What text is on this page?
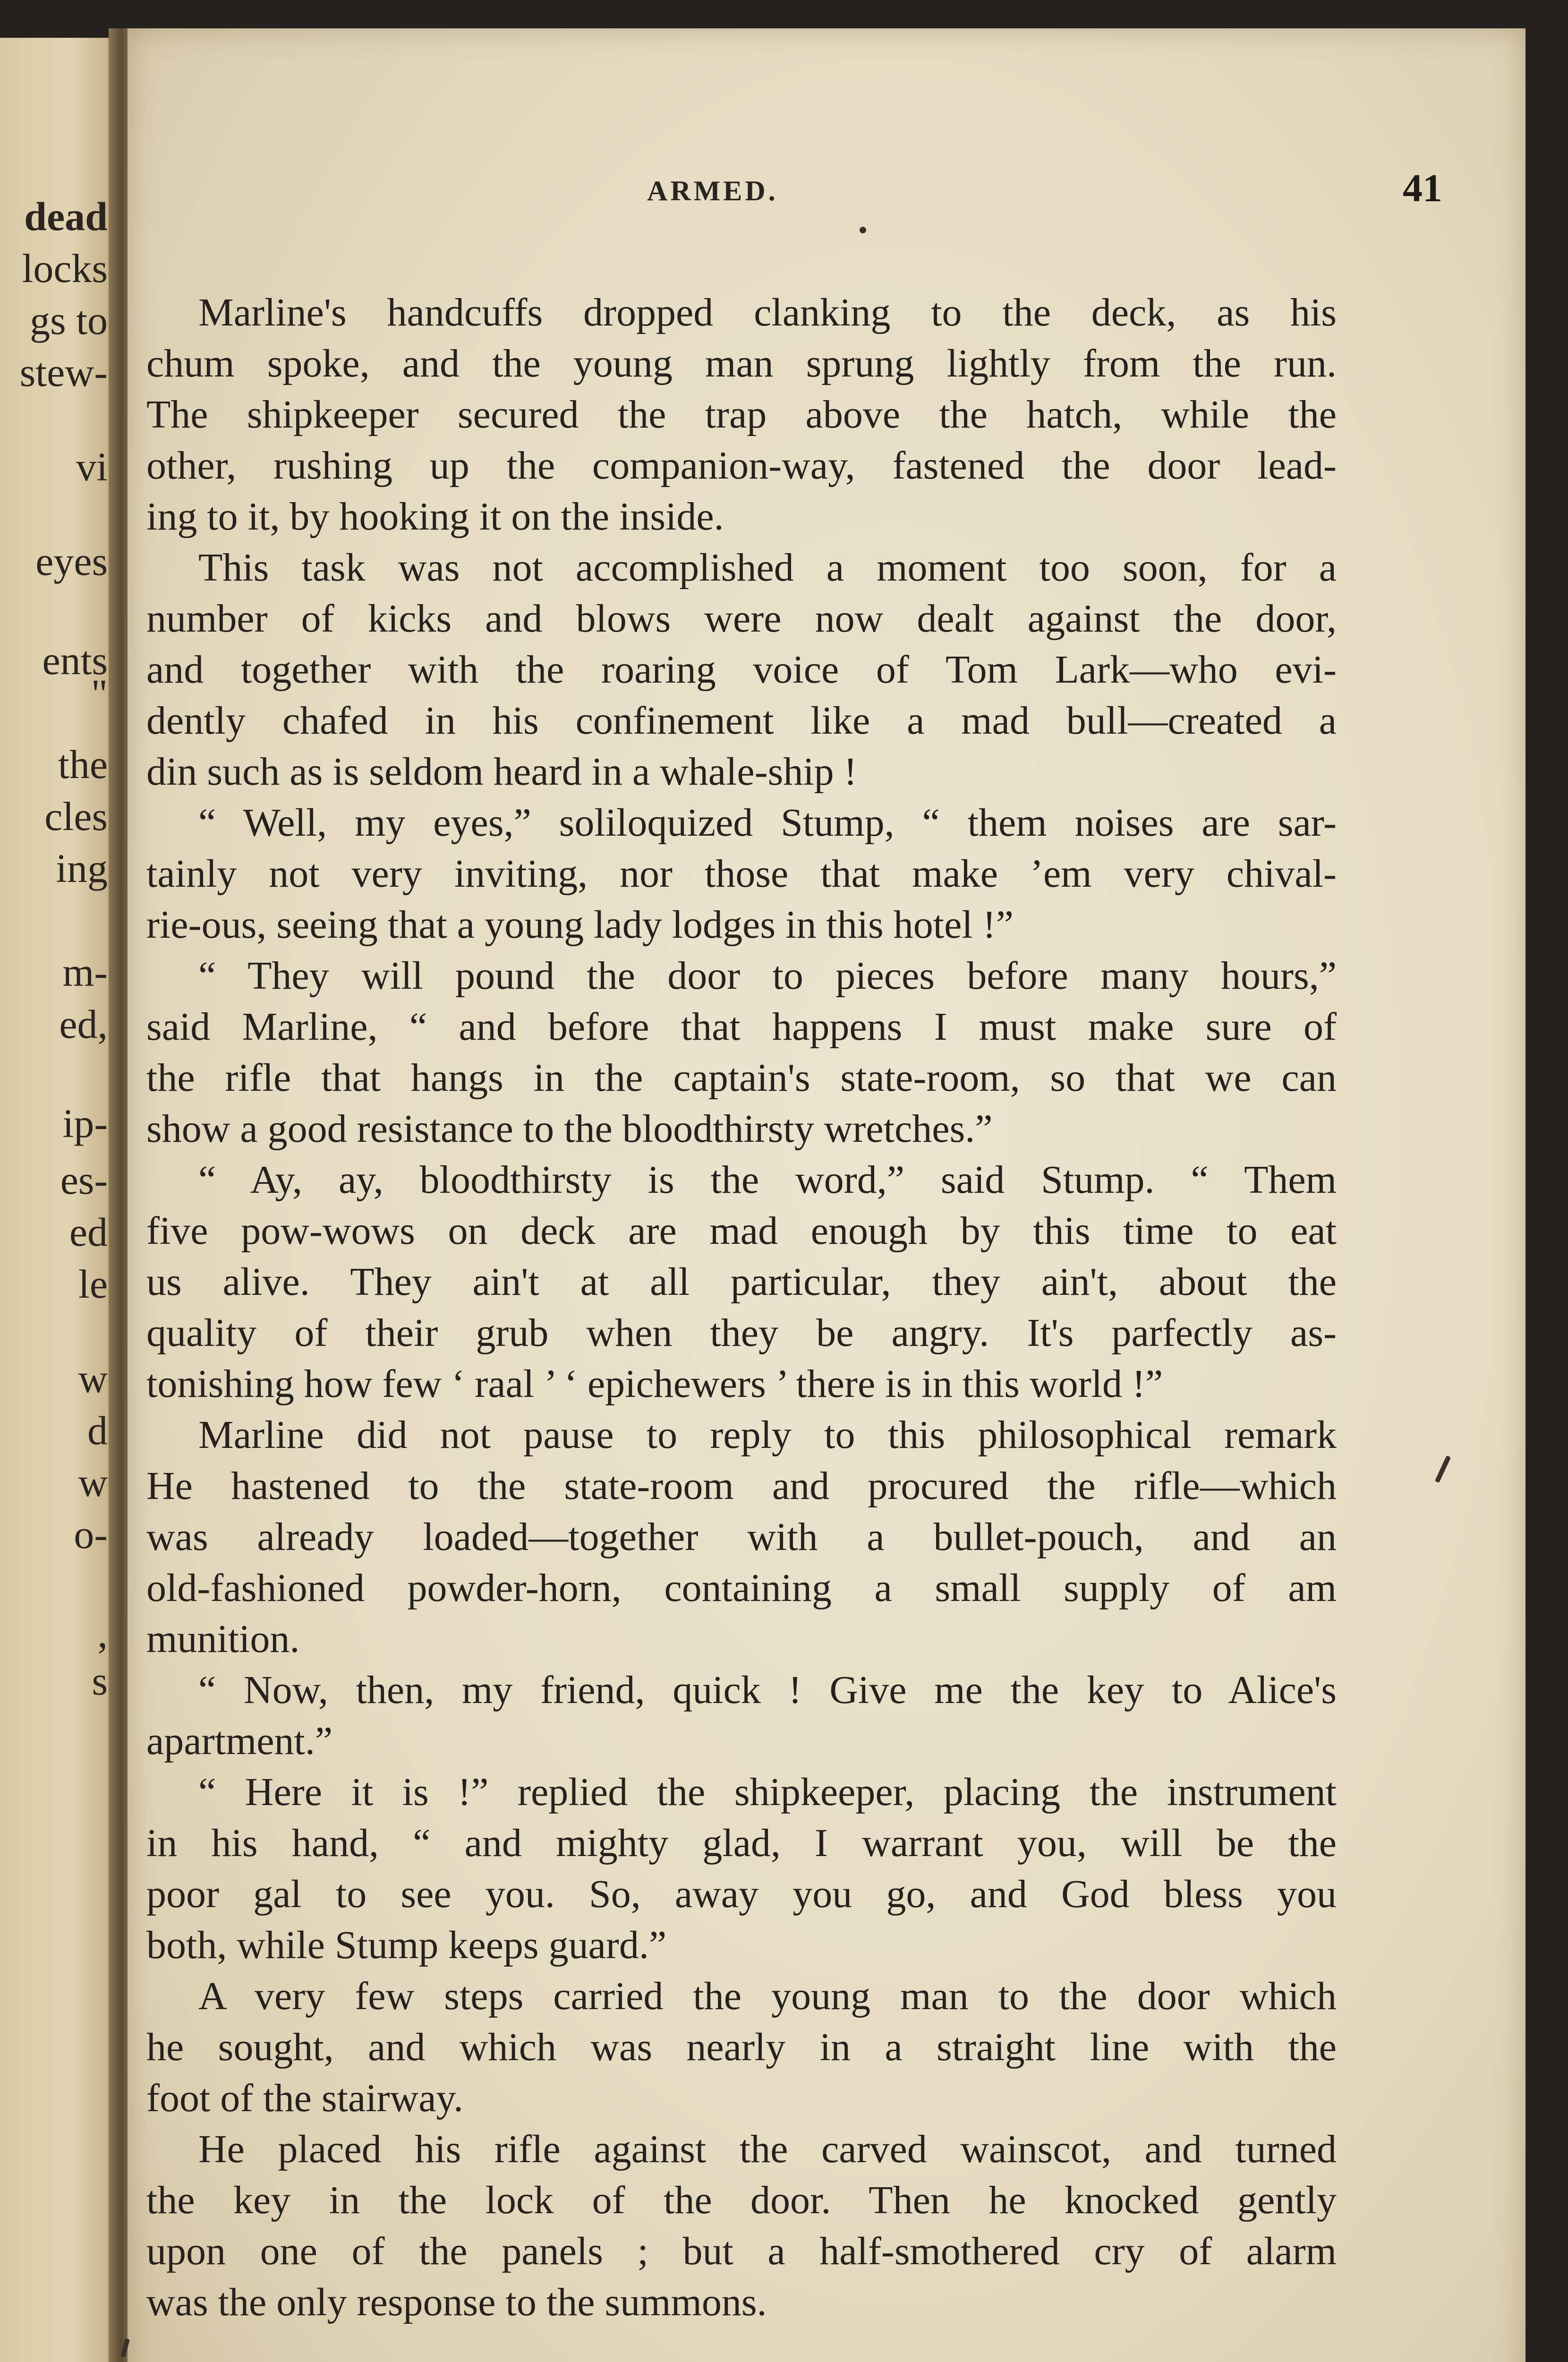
dead
locks
gs to
stew-
vi
eyes
ents
"
the
cles
ing
m-
ed,
ip-
es-
ed
le
w
d
w
o-
,
s
ARMED.	41
Marline's handcuffs dropped clanking to the deck, as his
chum spoke, and the young man sprung lightly from the run.
The shipkeeper secured the trap above the hatch, while the
other, rushing up the companion-way, fastened the door lead-
ing to it, by hooking it on the inside.
This task was not accomplished a moment too soon, for a
number of kicks and blows were now dealt against the door,
and together with the roaring voice of Tom Lark—who evi-
dently chafed in his confinement like a mad bull—created a
din such as is seldom heard in a whale-ship !
“ Well, my eyes,” soliloquized Stump, “ them noises are sar-
tainly not very inviting, nor those that make ’em very chival-
rie-ous, seeing that a young lady lodges in this hotel !”
“ They will pound the door to pieces before many hours,”
said Marline, “ and before that happens I must make sure of
the rifle that hangs in the captain's state-room, so that we can
show a good resistance to the bloodthirsty wretches.”
“ Ay, ay, bloodthirsty is the word,” said Stump. “ Them
five pow-wows on deck are mad enough by this time to eat
us alive. They ain't at all particular, they ain't, about the
quality of their grub when they be angry. It's parfectly as-
tonishing how few ‘ raal ’ ‘ epichewers ’ there is in this world !”
Marline did not pause to reply to this philosophical remark
He hastened to the state-room and procured the rifle—which
was already loaded—together with a bullet-pouch, and an
old-fashioned powder-horn, containing a small supply of am
munition.
“ Now, then, my friend, quick ! Give me the key to Alice's
apartment.”
“ Here it is !” replied the shipkeeper, placing the instrument
in his hand, “ and mighty glad, I warrant you, will be the
poor gal to see you. So, away you go, and God bless you
both, while Stump keeps guard.”
A very few steps carried the young man to the door which
he sought, and which was nearly in a straight line with the
foot of the stairway.
He placed his rifle against the carved wainscot, and turned
the key in the lock of the door. Then he knocked gently
upon one of the panels ; but a half-smothered cry of alarm
was the only response to the summons.
